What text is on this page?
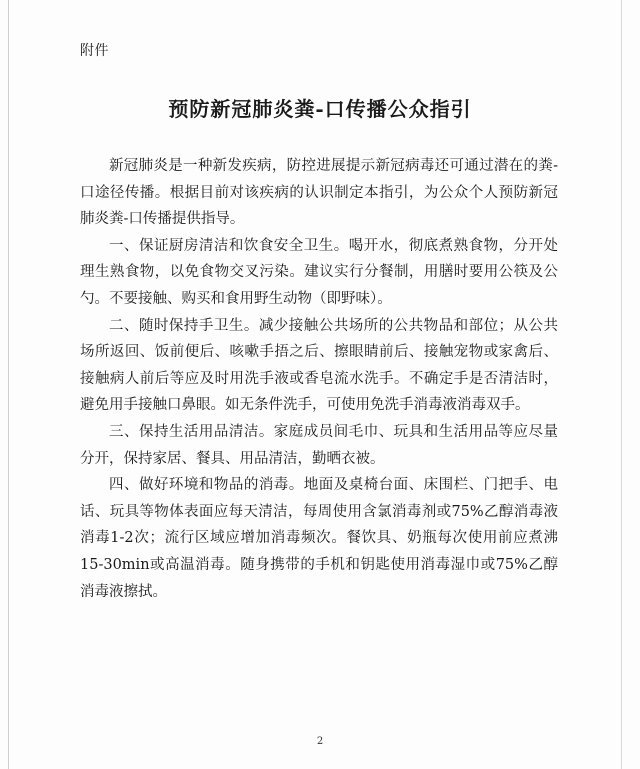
附件
预防新冠肺炎粪-口传播公众指引

新冠肺炎是一种新发疾病，防控进展提示新冠病毒还可通过潜在的粪-口途径传播。根据目前对该疾病的认识制定本指引，为公众个人预防新冠肺炎粪-口传播提供指导。

一、保证厨房清洁和饮食安全卫生。喝开水，彻底煮熟食物，分开处理生熟食物，以免食物交叉污染。建议实行分餐制，用膳时要用公筷及公勺。不要接触、购买和食用野生动物（即野味）。

二、随时保持手卫生。减少接触公共场所的公共物品和部位；从公共场所返回、饭前便后、咳嗽手捂之后、擦眼睛前后、接触宠物或家禽后、接触病人前后等应及时用洗手液或香皂流水洗手。不确定手是否清洁时，避免用手接触口鼻眼。如无条件洗手，可使用免洗手消毒液消毒双手。

三、保持生活用品清洁。家庭成员间毛巾、玩具和生活用品等应尽量分开，保持家居、餐具、用品清洁，勤晒衣被。

四、做好环境和物品的消毒。地面及桌椅台面、床围栏、门把手、电话、玩具等物体表面应每天清洁，每周使用含氯消毒剂或75%乙醇消毒液消毒1-2次；流行区域应增加消毒频次。餐饮具、奶瓶每次使用前应煮沸15-30min或高温消毒。随身携带的手机和钥匙使用消毒湿巾或75%乙醇消毒液擦拭。

2
